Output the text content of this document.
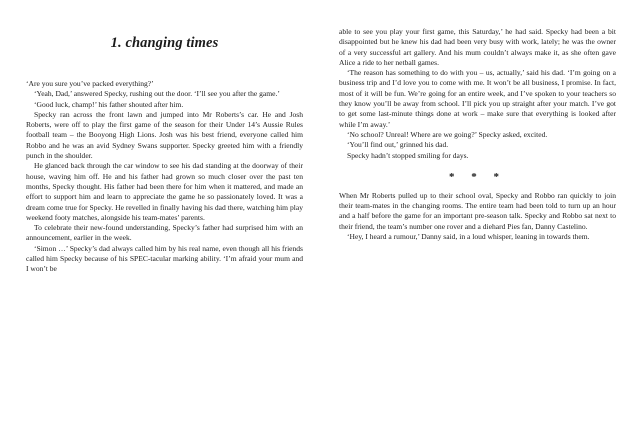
1. changing times

‘Are you sure you’ve packed everything?’

‘Yeah, Dad,’ answered Specky, rushing out the door. ‘I’ll see you after the game.’

‘Good luck, champ!’ his father shouted after him.

Specky ran across the front lawn and jumped into Mr Roberts’s car. He and Josh Roberts, were off to play the first game of the season for their Under 14’s Aussie Rules football team – the Booyong High Lions. Josh was his best friend, everyone called him Robbo and he was an avid Sydney Swans supporter. Specky greeted him with a friendly punch in the shoulder.

He glanced back through the car window to see his dad standing at the doorway of their house, waving him off. He and his father had grown so much closer over the past ten months, Specky thought. His father had been there for him when it mattered, and made an effort to support him and learn to appreciate the game he so passionately loved. It was a dream come true for Specky. He revelled in finally having his dad there, watching him play weekend footy matches, alongside his team-mates’ parents.

To celebrate their new-found understanding, Specky’s father had surprised him with an announcement, earlier in the week.

‘Simon …’ Specky’s dad always called him by his real name, even though all his friends called him Specky because of his SPEC-tacular marking ability. ‘I’m afraid your mum and I won’t be

able to see you play your first game, this Saturday,’ he had said. Specky had been a bit disappointed but he knew his dad had been very busy with work, lately; he was the owner of a very successful art gallery. And his mum couldn’t always make it, as she often gave Alice a ride to her netball games.

‘The reason has something to do with you – us, actually,’ said his dad. ‘I’m going on a business trip and I’d love you to come with me. It won’t be all business, I promise. In fact, most of it will be fun. We’re going for an entire week, and I’ve spoken to your teachers so they know you’ll be away from school. I’ll pick you up straight after your match. I’ve got to get some last-minute things done at work – make sure that everything is looked after while I’m away.’

‘No school? Unreal! Where are we going?’ Specky asked, excited.

‘You’ll find out,’ grinned his dad.

Specky hadn’t stopped smiling for days.

* * *

When Mr Roberts pulled up to their school oval, Specky and Robbo ran quickly to join their team-mates in the changing rooms. The entire team had been told to turn up an hour and a half before the game for an important pre-season talk. Specky and Robbo sat next to their friend, the team’s number one rover and a diehard Pies fan, Danny Castelino.

‘Hey, I heard a rumour,’ Danny said, in a loud whisper, leaning in towards them.
